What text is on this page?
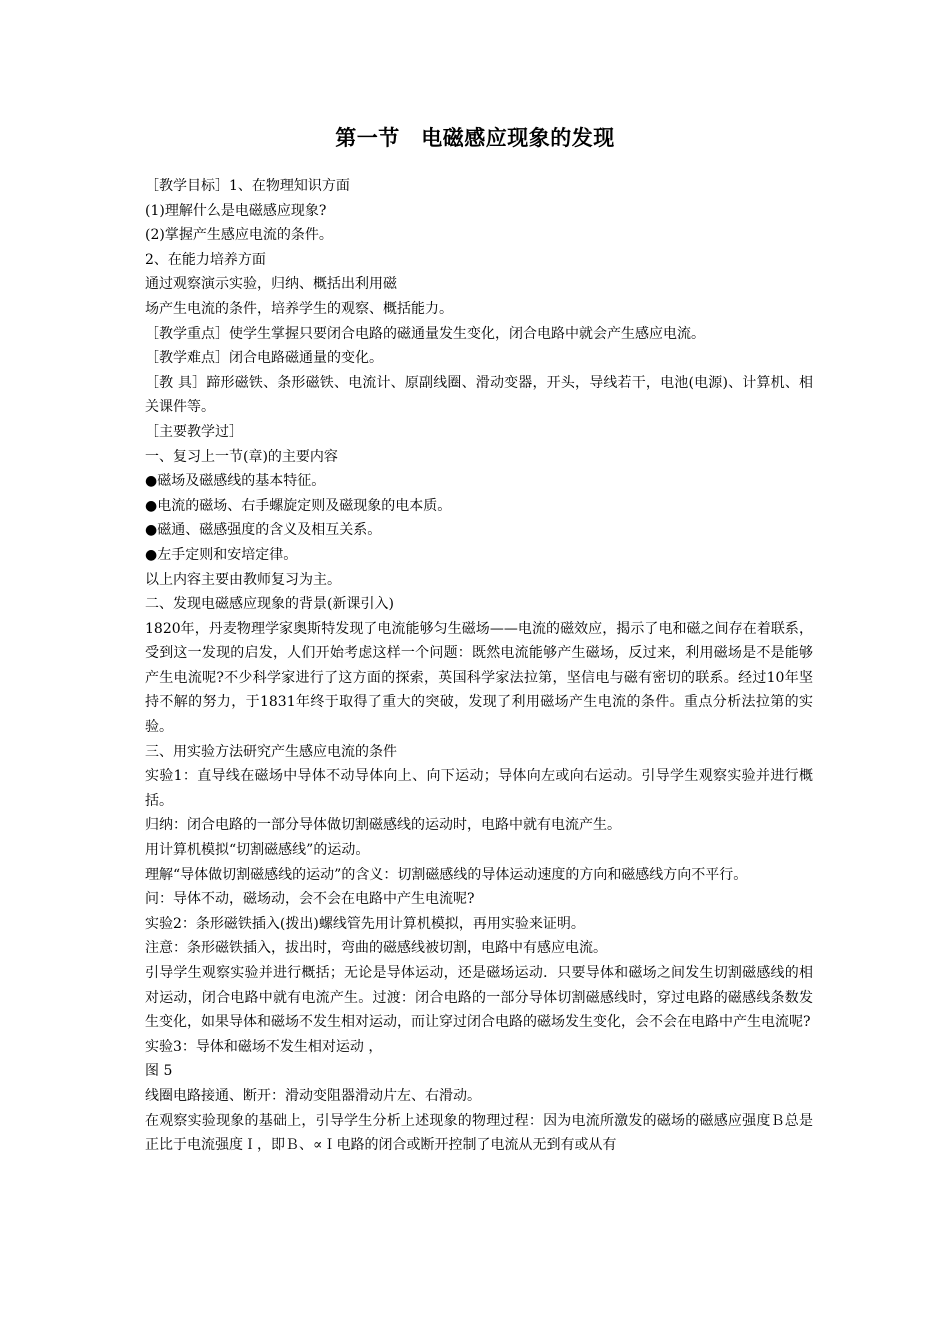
第一节　电磁感应现象的发现

［教学目标］1、在物理知识方面

(1)理解什么是电磁感应现象?

(2)掌握产生感应电流的条件。

2、在能力培养方面

通过观察演示实验，归纳、概括出利用磁

场产生电流的条件，培养学生的观察、概括能力。

［教学重点］使学生掌握只要闭合电路的磁通量发生变化，闭合电路中就会产生感应电流。

［教学难点］闭合电路磁通量的变化。

［教 具］蹄形磁铁、条形磁铁、电流计、原副线圈、滑动变器，开头，导线若干，电池(电源)、计算机、相关课件等。

［主要教学过］

一、复习上一节(章)的主要内容

●磁场及磁感线的基本特征。

●电流的磁场、右手螺旋定则及磁现象的电本质。

●磁通、磁感强度的含义及相互关系。

●左手定则和安培定律。

以上内容主要由教师复习为主。

二、发现电磁感应现象的背景(新课引入)

1820年，丹麦物理学家奥斯特发现了电流能够匀生磁场——电流的磁效应，揭示了电和磁之间存在着联系，受到这一发现的启发，人们开始考虑这样一个问题：既然电流能够产生磁场，反过来，利用磁场是不是能够产生电流呢?不少科学家进行了这方面的探索，英国科学家法拉第，坚信电与磁有密切的联系。经过10年坚持不解的努力，于1831年终于取得了重大的突破，发现了利用磁场产生电流的条件。重点分析法拉第的实验。

三、用实验方法研究产生感应电流的条件

实验1：直导线在磁场中导体不动导体向上、向下运动；导体向左或向右运动。引导学生观察实验并进行概括。

归纳：闭合电路的一部分导体做切割磁感线的运动时，电路中就有电流产生。

用计算机模拟“切割磁感线”的运动。

理解“导体做切割磁感线的运动”的含义：切割磁感线的导体运动速度的方向和磁感线方向不平行。

问：导体不动，磁场动，会不会在电路中产生电流呢?

实验2：条形磁铁插入(拨出)螺线管先用计算机模拟，再用实验来证明。

注意：条形磁铁插入，拔出时，弯曲的磁感线被切割，电路中有感应电流。

引导学生观察实验并进行概括；无论是导体运动，还是磁场运动．只要导体和磁场之间发生切割磁感线的相对运动，闭合电路中就有电流产生。过渡：闭合电路的一部分导体切割磁感线时，穿过电路的磁感线条数发生变化，如果导体和磁场不发生相对运动，而让穿过闭合电路的磁场发生变化，会不会在电路中产生电流呢?

实验3：导体和磁场不发生相对运动 ，

图 5

线圈电路接通、断开：滑动变阻器滑动片左、右滑动。

在观察实验现象的基础上，引导学生分析上述现象的物理过程：因为电流所激发的磁场的磁感应强度Ｂ总是正比于电流强度Ｉ，即Ｂ、∝Ｉ电路的闭合或断开控制了电流从无到有或从有
